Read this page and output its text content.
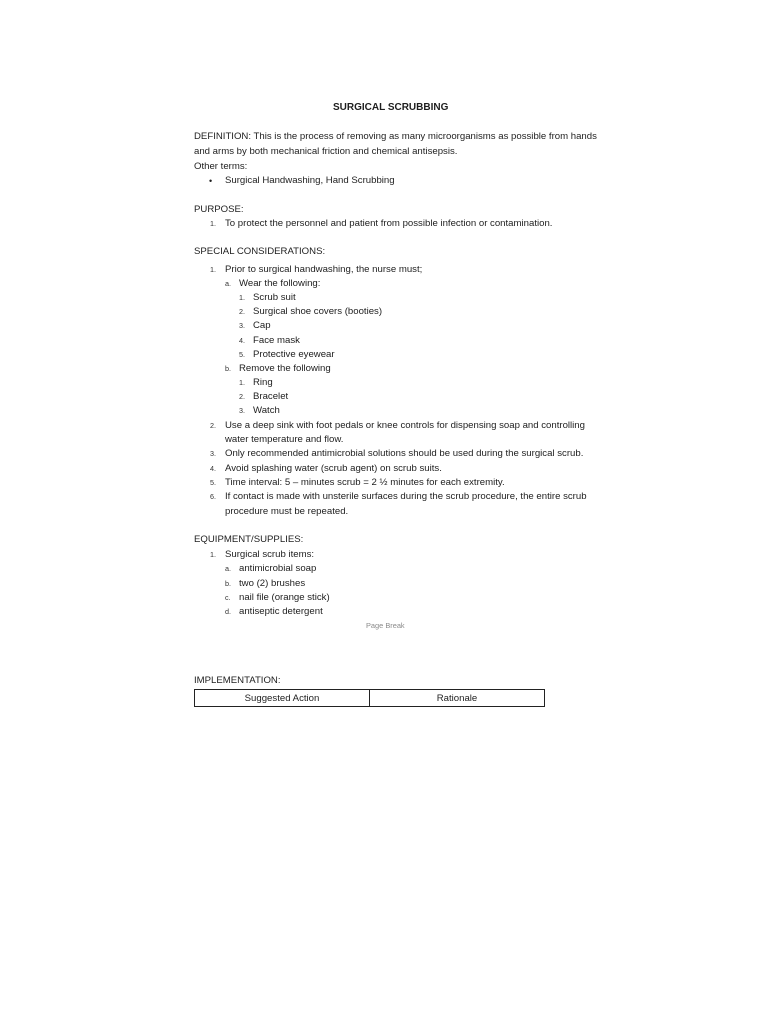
SURGICAL SCRUBBING
DEFINITION: This is the process of removing as many microorganisms as possible from hands
and arms by both mechanical friction and chemical antisepsis.
Other terms:
• Surgical Handwashing, Hand Scrubbing
PURPOSE:
1. To protect the personnel and patient from possible infection or contamination.
SPECIAL CONSIDERATIONS:
1. Prior to surgical handwashing, the nurse must;
a. Wear the following:
1. Scrub suit
2. Surgical shoe covers (booties)
3. Cap
4. Face mask
5. Protective eyewear
b. Remove the following
1. Ring
2. Bracelet
3. Watch
2. Use a deep sink with foot pedals or knee controls for dispensing soap and controlling
water temperature and flow.
3. Only recommended antimicrobial solutions should be used during the surgical scrub.
4. Avoid splashing water (scrub agent) on scrub suits.
5. Time interval: 5 – minutes scrub = 2 ½ minutes for each extremity.
6. If contact is made with unsterile surfaces during the scrub procedure, the entire scrub
procedure must be repeated.
EQUIPMENT/SUPPLIES:
1. Surgical scrub items:
a. antimicrobial soap
b. two (2) brushes
c. nail file (orange stick)
d. antiseptic detergent
Page Break
IMPLEMENTATION:
Suggested Action	Rationale
